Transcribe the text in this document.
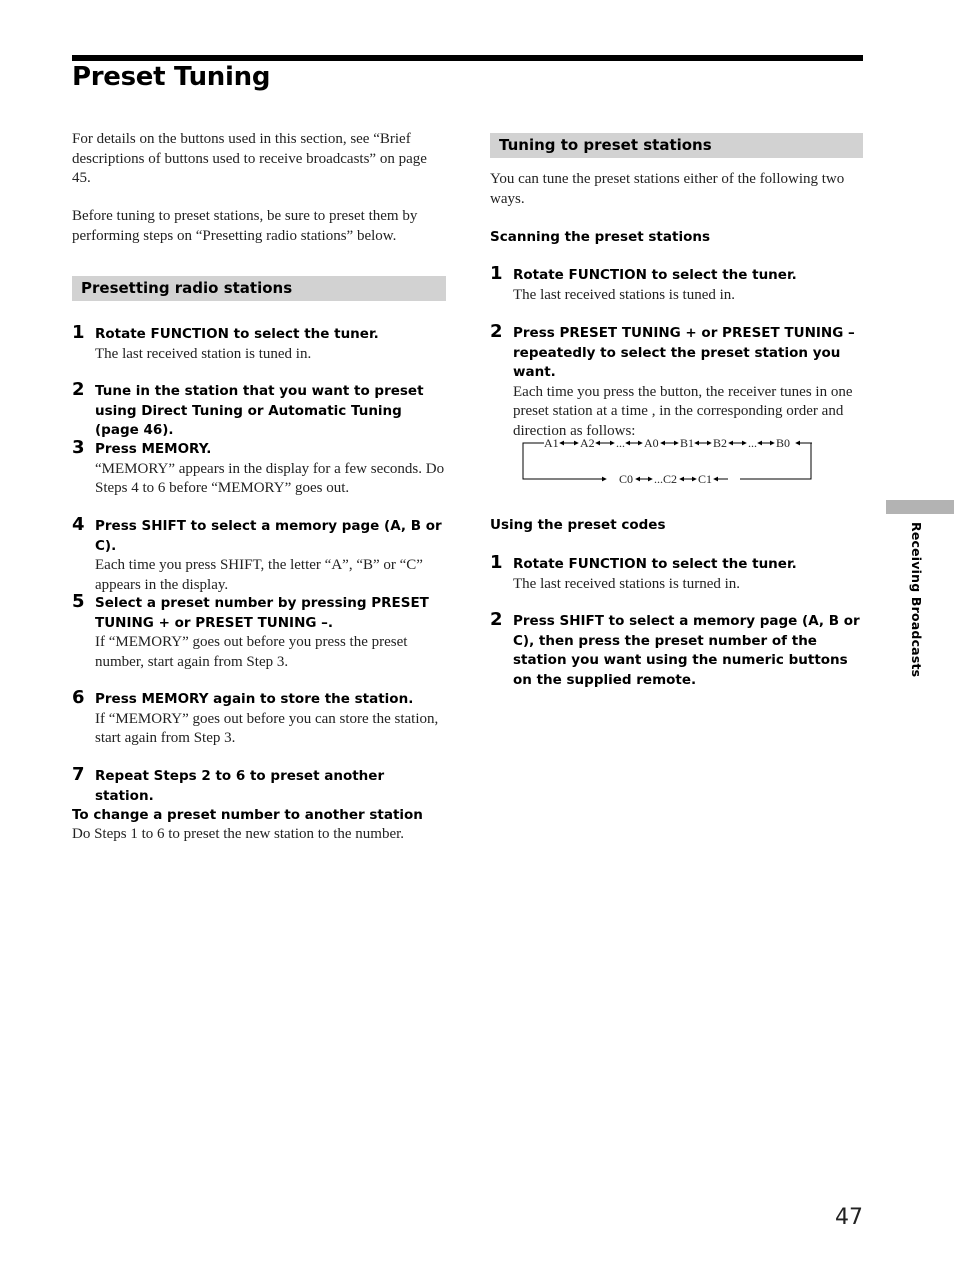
Preset Tuning

For details on the buttons used in this section, see “Brief descriptions of buttons used to receive broadcasts” on page 45.

Before tuning to preset stations, be sure to preset them by performing steps on “Presetting radio stations” below.

Presetting radio stations
1 Rotate FUNCTION to select the tuner.
The last received station is tuned in.
2 Tune in the station that you want to preset using Direct Tuning or Automatic Tuning (page 46).
3 Press MEMORY.
“MEMORY” appears in the display for a few seconds. Do Steps 4 to 6 before “MEMORY” goes out.
4 Press SHIFT to select a memory page (A, B or C).
Each time you press SHIFT, the letter “A”, “B” or “C” appears in the display.
5 Select a preset number by pressing PRESET TUNING + or PRESET TUNING –.
If “MEMORY” goes out before you press the preset number, start again from Step 3.
6 Press MEMORY again to store the station.
If “MEMORY” goes out before you can store the station, start again from Step 3.
7 Repeat Steps 2 to 6 to preset another station.
To change a preset number to another station

Do Steps 1 to 6 to preset the new station to the number.

Tuning to preset stations

You can tune the preset stations either of the following two ways.

Scanning the preset stations
1 Rotate FUNCTION to select the tuner.
The last received stations is tuned in.
2 Press PRESET TUNING + or PRESET TUNING – repeatedly to select the preset station you want.
Each time you press the button, the receiver tunes in one preset station at a time , in the corresponding order and direction as follows:
A1 A2 ... A0 B1 B2 ... B0
C0 ...C2 C1
Using the preset codes
1 Rotate FUNCTION to select the tuner.
The last received stations is turned in.
2 Press SHIFT to select a memory page (A, B or C), then press the preset number of the station you want using the numeric buttons on the supplied remote.
Receiving Broadcasts
47
